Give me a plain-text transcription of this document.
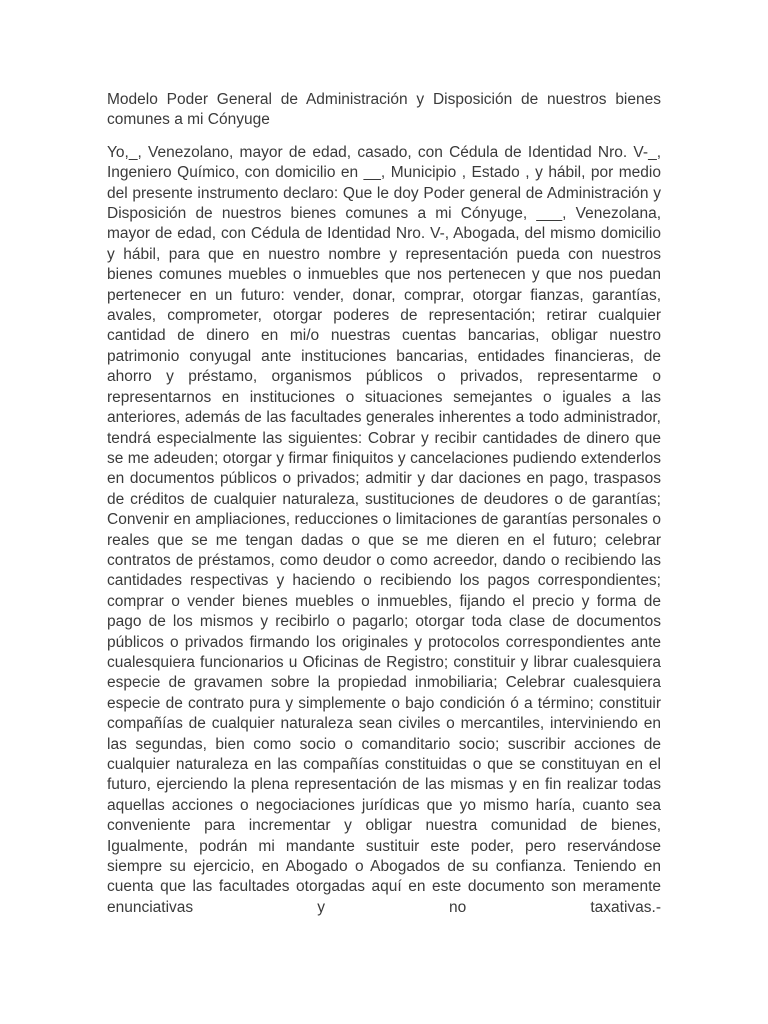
Modelo Poder General de Administración y Disposición de nuestros bienes comunes a mi Cónyuge

Yo,_, Venezolano, mayor de edad, casado, con Cédula de Identidad Nro. V-_, Ingeniero Químico, con domicilio en __, Municipio , Estado , y hábil, por medio del presente instrumento declaro: Que le doy Poder general de Administración y Disposición de nuestros bienes comunes a mi Cónyuge, ___, Venezolana, mayor de edad, con Cédula de Identidad Nro. V-, Abogada, del mismo domicilio y hábil, para que en nuestro nombre y representación pueda con nuestros bienes comunes muebles o inmuebles que nos pertenecen y que nos puedan pertenecer en un futuro: vender, donar, comprar, otorgar fianzas, garantías, avales, comprometer, otorgar poderes de representación; retirar cualquier cantidad de dinero en mi/o nuestras cuentas bancarias, obligar nuestro patrimonio conyugal ante instituciones bancarias, entidades financieras, de ahorro y préstamo, organismos públicos o privados, representarme o representarnos en instituciones o situaciones semejantes o iguales a las anteriores, además de las facultades generales inherentes a todo administrador, tendrá especialmente las siguientes: Cobrar y recibir cantidades de dinero que se me adeuden; otorgar y firmar finiquitos y cancelaciones pudiendo extenderlos en documentos públicos o privados; admitir y dar daciones en pago, traspasos de créditos de cualquier naturaleza, sustituciones de deudores o de garantías; Convenir en ampliaciones, reducciones o limitaciones de garantías personales o reales que se me tengan dadas o que se me dieren en el futuro; celebrar contratos de préstamos, como deudor o como acreedor, dando o recibiendo las cantidades respectivas y haciendo o recibiendo los pagos correspondientes; comprar o vender bienes muebles o inmuebles, fijando el precio y forma de pago de los mismos y recibirlo o pagarlo; otorgar toda clase de documentos públicos o privados firmando los originales y protocolos correspondientes ante cualesquiera funcionarios u Oficinas de Registro; constituir y librar cualesquiera especie de gravamen sobre la propiedad inmobiliaria; Celebrar cualesquiera especie de contrato pura y simplemente o bajo condición ó a término; constituir compañías de cualquier naturaleza sean civiles o mercantiles, interviniendo en las segundas, bien como socio o comanditario socio; suscribir acciones de cualquier naturaleza en las compañías constituidas o que se constituyan en el futuro, ejerciendo la plena representación de las mismas y en fin realizar todas aquellas acciones o negociaciones jurídicas que yo mismo haría, cuanto sea conveniente para incrementar y obligar nuestra comunidad de bienes, Igualmente, podrán mi mandante sustituir este poder, pero reservándose siempre su ejercicio, en Abogado o Abogados de su confianza. Teniendo en cuenta que las facultades otorgadas aquí en este documento son meramente enunciativas y no taxativas.-
